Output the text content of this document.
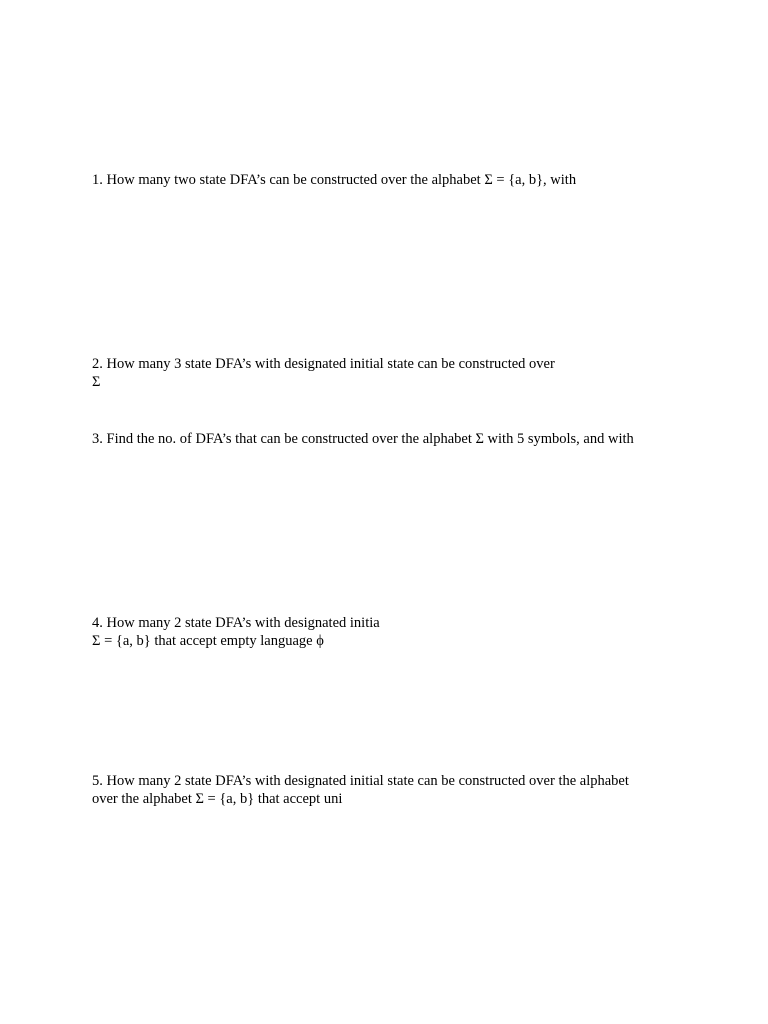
1. How many two state DFA’s can be constructed over the alphabet Σ = {a, b}, with

2. How many 3 state DFA’s with designated initial state can be constructed over
Σ

3. Find the no. of DFA’s that can be constructed over the alphabet Σ with 5 symbols, and with

4. How many 2 state DFA’s with designated initia
Σ = {a, b} that accept empty language ϕ

5. How many 2 state DFA’s with designated initial state can be constructed over the alphabet
over the alphabet Σ = {a, b} that accept uni
